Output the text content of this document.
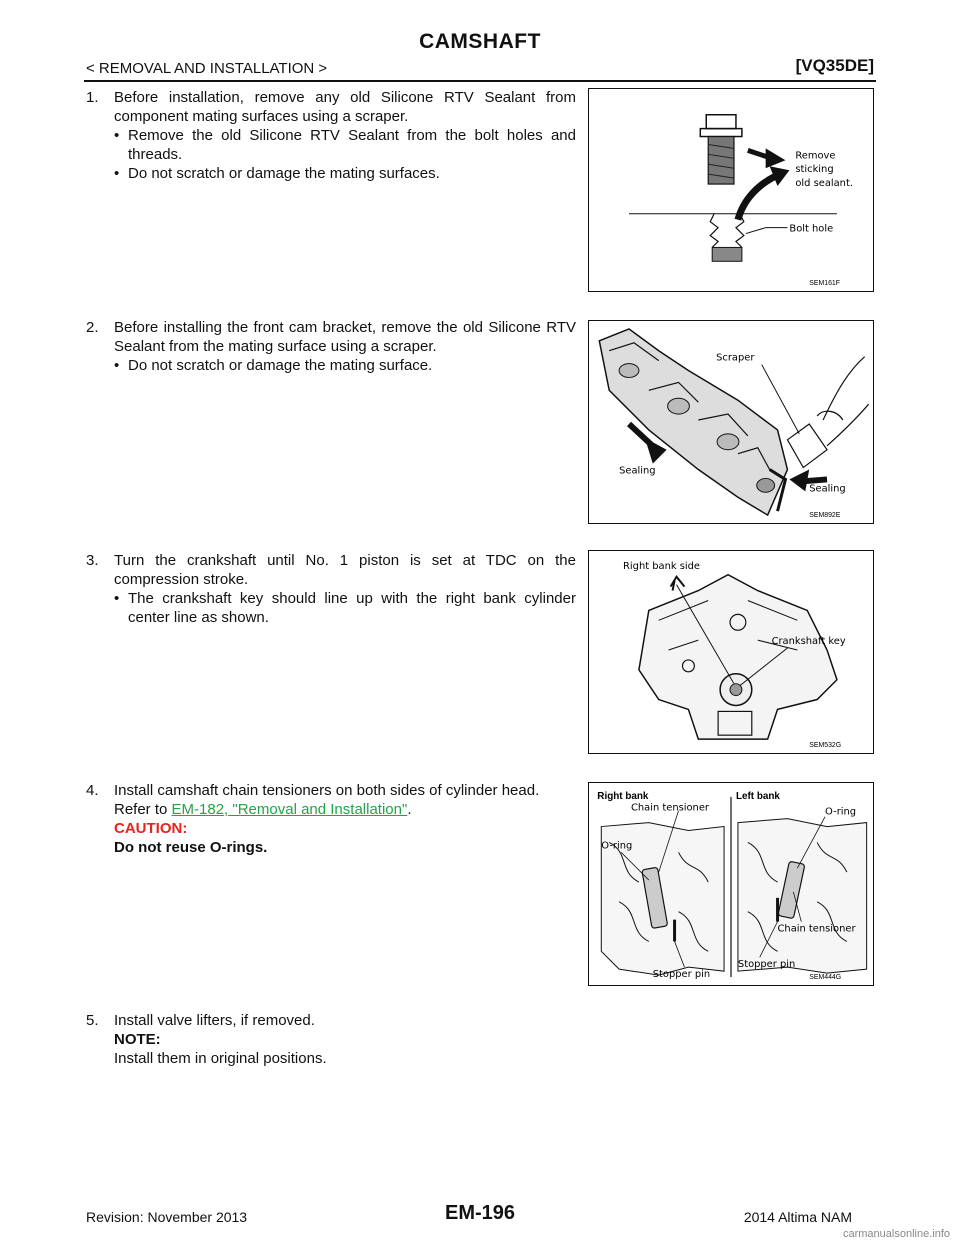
CAMSHAFT
< REMOVAL AND INSTALLATION >	[VQ35DE]
1.	Before installation, remove any old Silicone RTV Sealant from component mating surfaces using a scraper.
• Remove the old Silicone RTV Sealant from the bolt holes and threads.
• Do not scratch or damage the mating surfaces.
2.	Before installing the front cam bracket, remove the old Silicone RTV Sealant from the mating surface using a scraper.
• Do not scratch or damage the mating surface.
3.	Turn the crankshaft until No. 1 piston is set at TDC on the compression stroke.
• The crankshaft key should line up with the right bank cylinder center line as shown.
4.	Install camshaft chain tensioners on both sides of cylinder head.
Refer to EM-182, "Removal and Installation".
CAUTION:
Do not reuse O-rings.
5.	Install valve lifters, if removed.
NOTE:
Install them in original positions.
Remove
sticking
old sealant.
Bolt hole
SEM161F
Scraper
Sealing
Sealing
SEM892E
Right bank side
Crankshaft key
SEM532G
Right bank	Left bank
Chain tensioner
O-ring
O-ring
Chain tensioner
Stopper pin
Stopper pin
SEM444G
Revision: November 2013	EM-196	2014 Altima NAM
carmanualsonline.info
